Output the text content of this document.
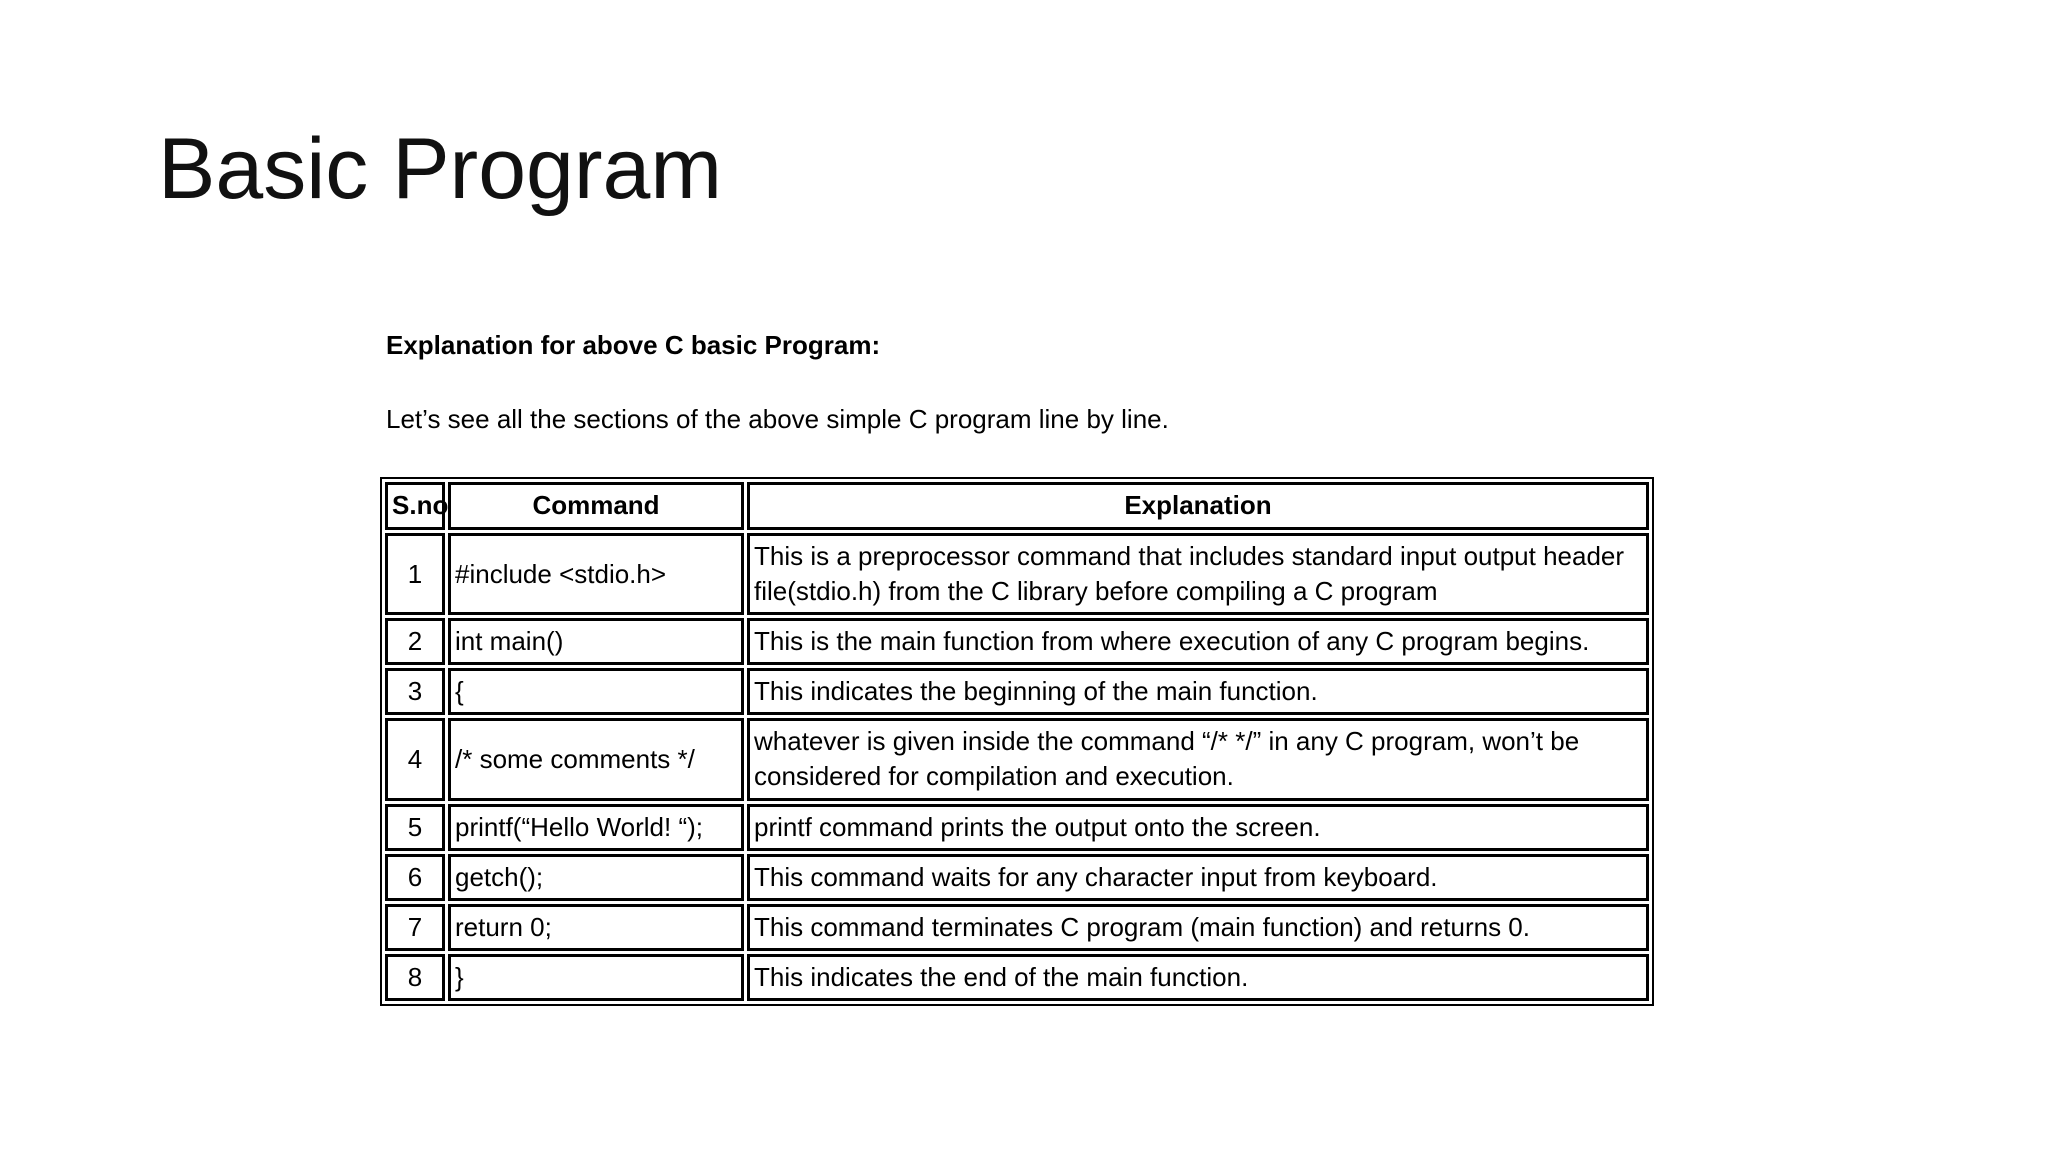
Basic Program
Explanation for above C basic Program:
Let’s see all the sections of the above simple C program line by line.
S.no	Command	Explanation
1	#include <stdio.h>	This is a preprocessor command that includes standard input output header file(stdio.h) from the C library before compiling a C program
2	int main()	This is the main function from where execution of any C program begins.
3	{	This indicates the beginning of the main function.
4	/* some comments */	whatever is given inside the command “/* */” in any C program, won’t be considered for compilation and execution.
5	printf(“Hello World! “);	printf command prints the output onto the screen.
6	getch();	This command waits for any character input from keyboard.
7	return 0;	This command terminates C program (main function) and returns 0.
8	}	This indicates the end of the main function.
